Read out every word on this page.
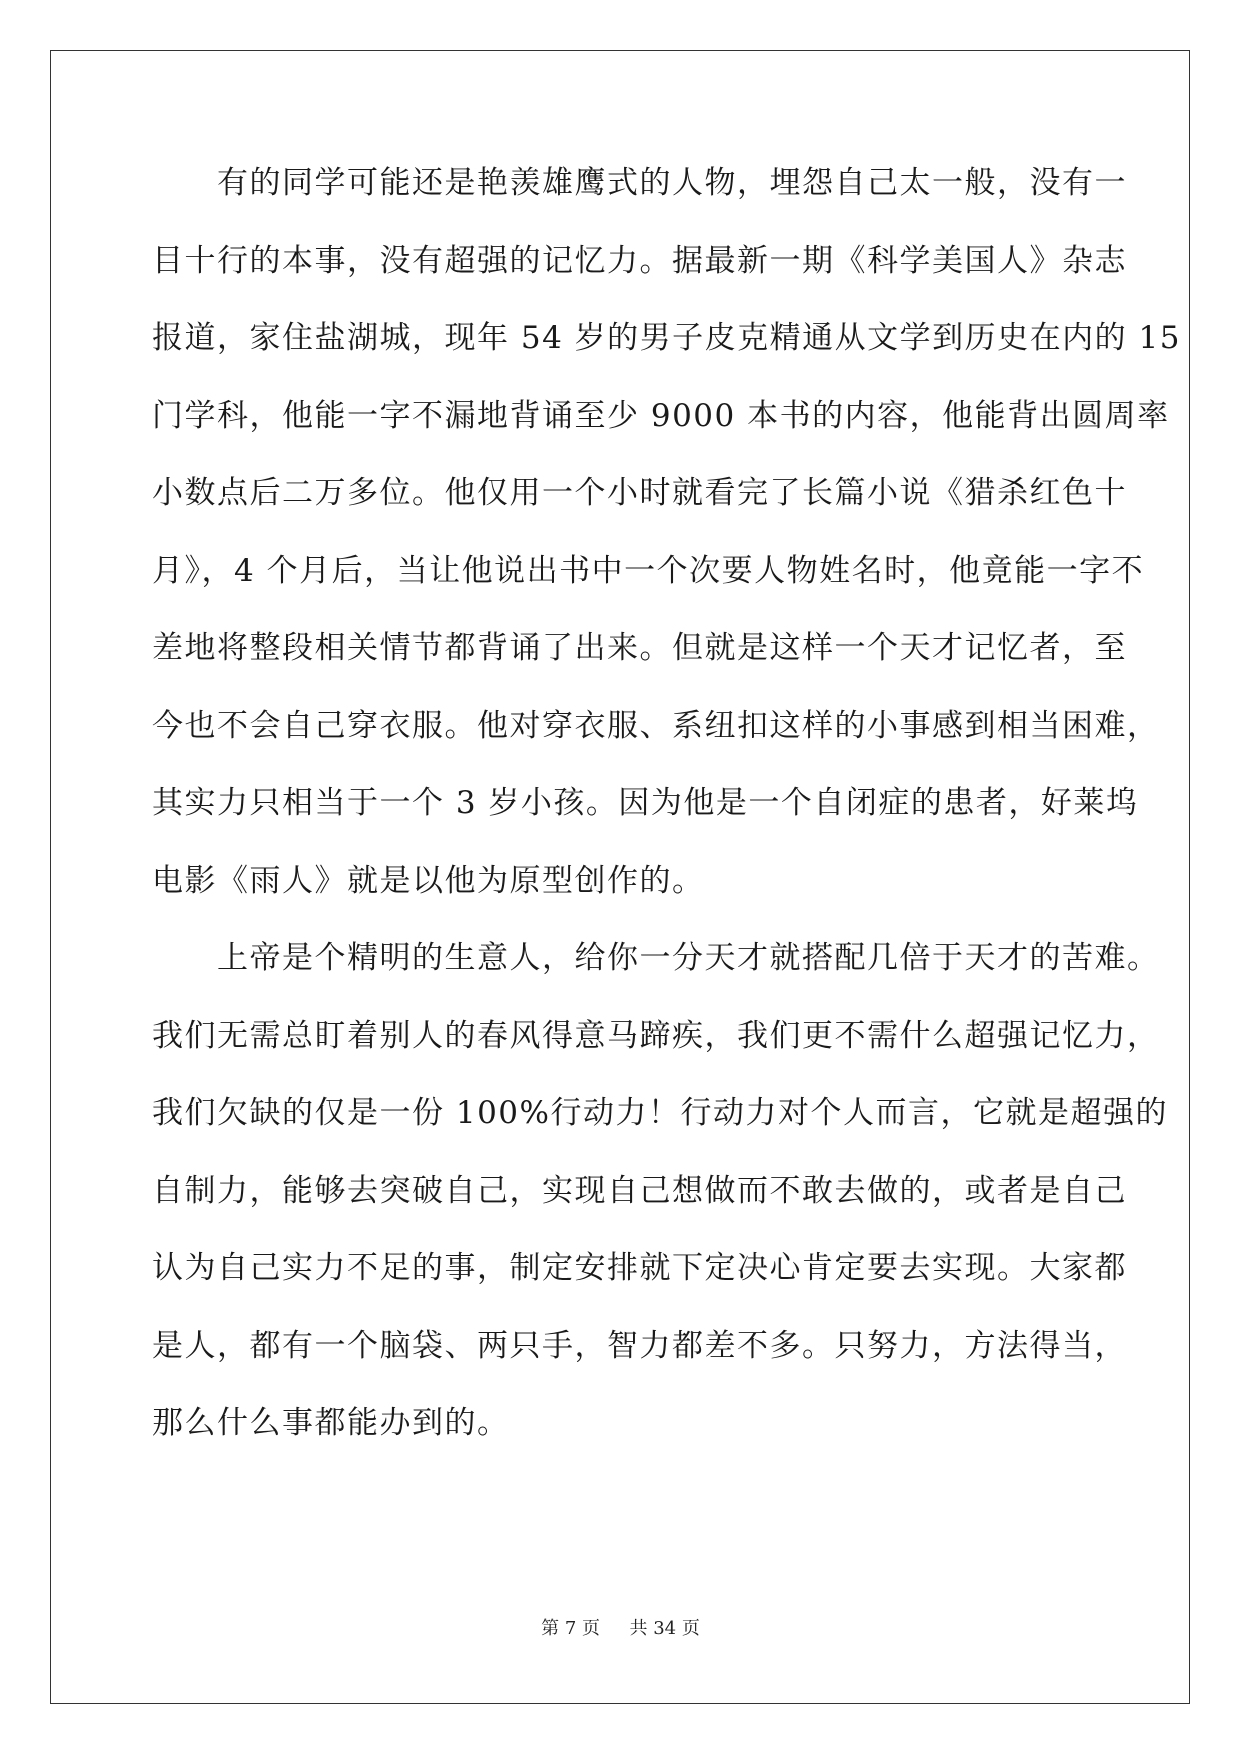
　　有的同学可能还是艳羡雄鹰式的人物，埋怨自己太一般，没有一
目十行的本事，没有超强的记忆力。据最新一期《科学美国人》杂志
报道，家住盐湖城，现年 54 岁的男子皮克精通从文学到历史在内的 15
门学科，他能一字不漏地背诵至少 9000 本书的内容，他能背出圆周率
小数点后二万多位。他仅用一个小时就看完了长篇小说《猎杀红色十
月》，4 个月后，当让他说出书中一个次要人物姓名时，他竟能一字不
差地将整段相关情节都背诵了出来。但就是这样一个天才记忆者，至
今也不会自己穿衣服。他对穿衣服、系纽扣这样的小事感到相当困难，
其实力只相当于一个 3 岁小孩。因为他是一个自闭症的患者，好莱坞
电影《雨人》就是以他为原型创作的。
　　上帝是个精明的生意人，给你一分天才就搭配几倍于天才的苦难。
我们无需总盯着别人的春风得意马蹄疾，我们更不需什么超强记忆力，
我们欠缺的仅是一份 100%行动力！行动力对个人而言，它就是超强的
自制力，能够去突破自己，实现自己想做而不敢去做的，或者是自己
认为自己实力不足的事，制定安排就下定决心肯定要去实现。大家都
是人，都有一个脑袋、两只手，智力都差不多。只努力，方法得当，
那么什么事都能办到的。
第 7 页 共 34 页
